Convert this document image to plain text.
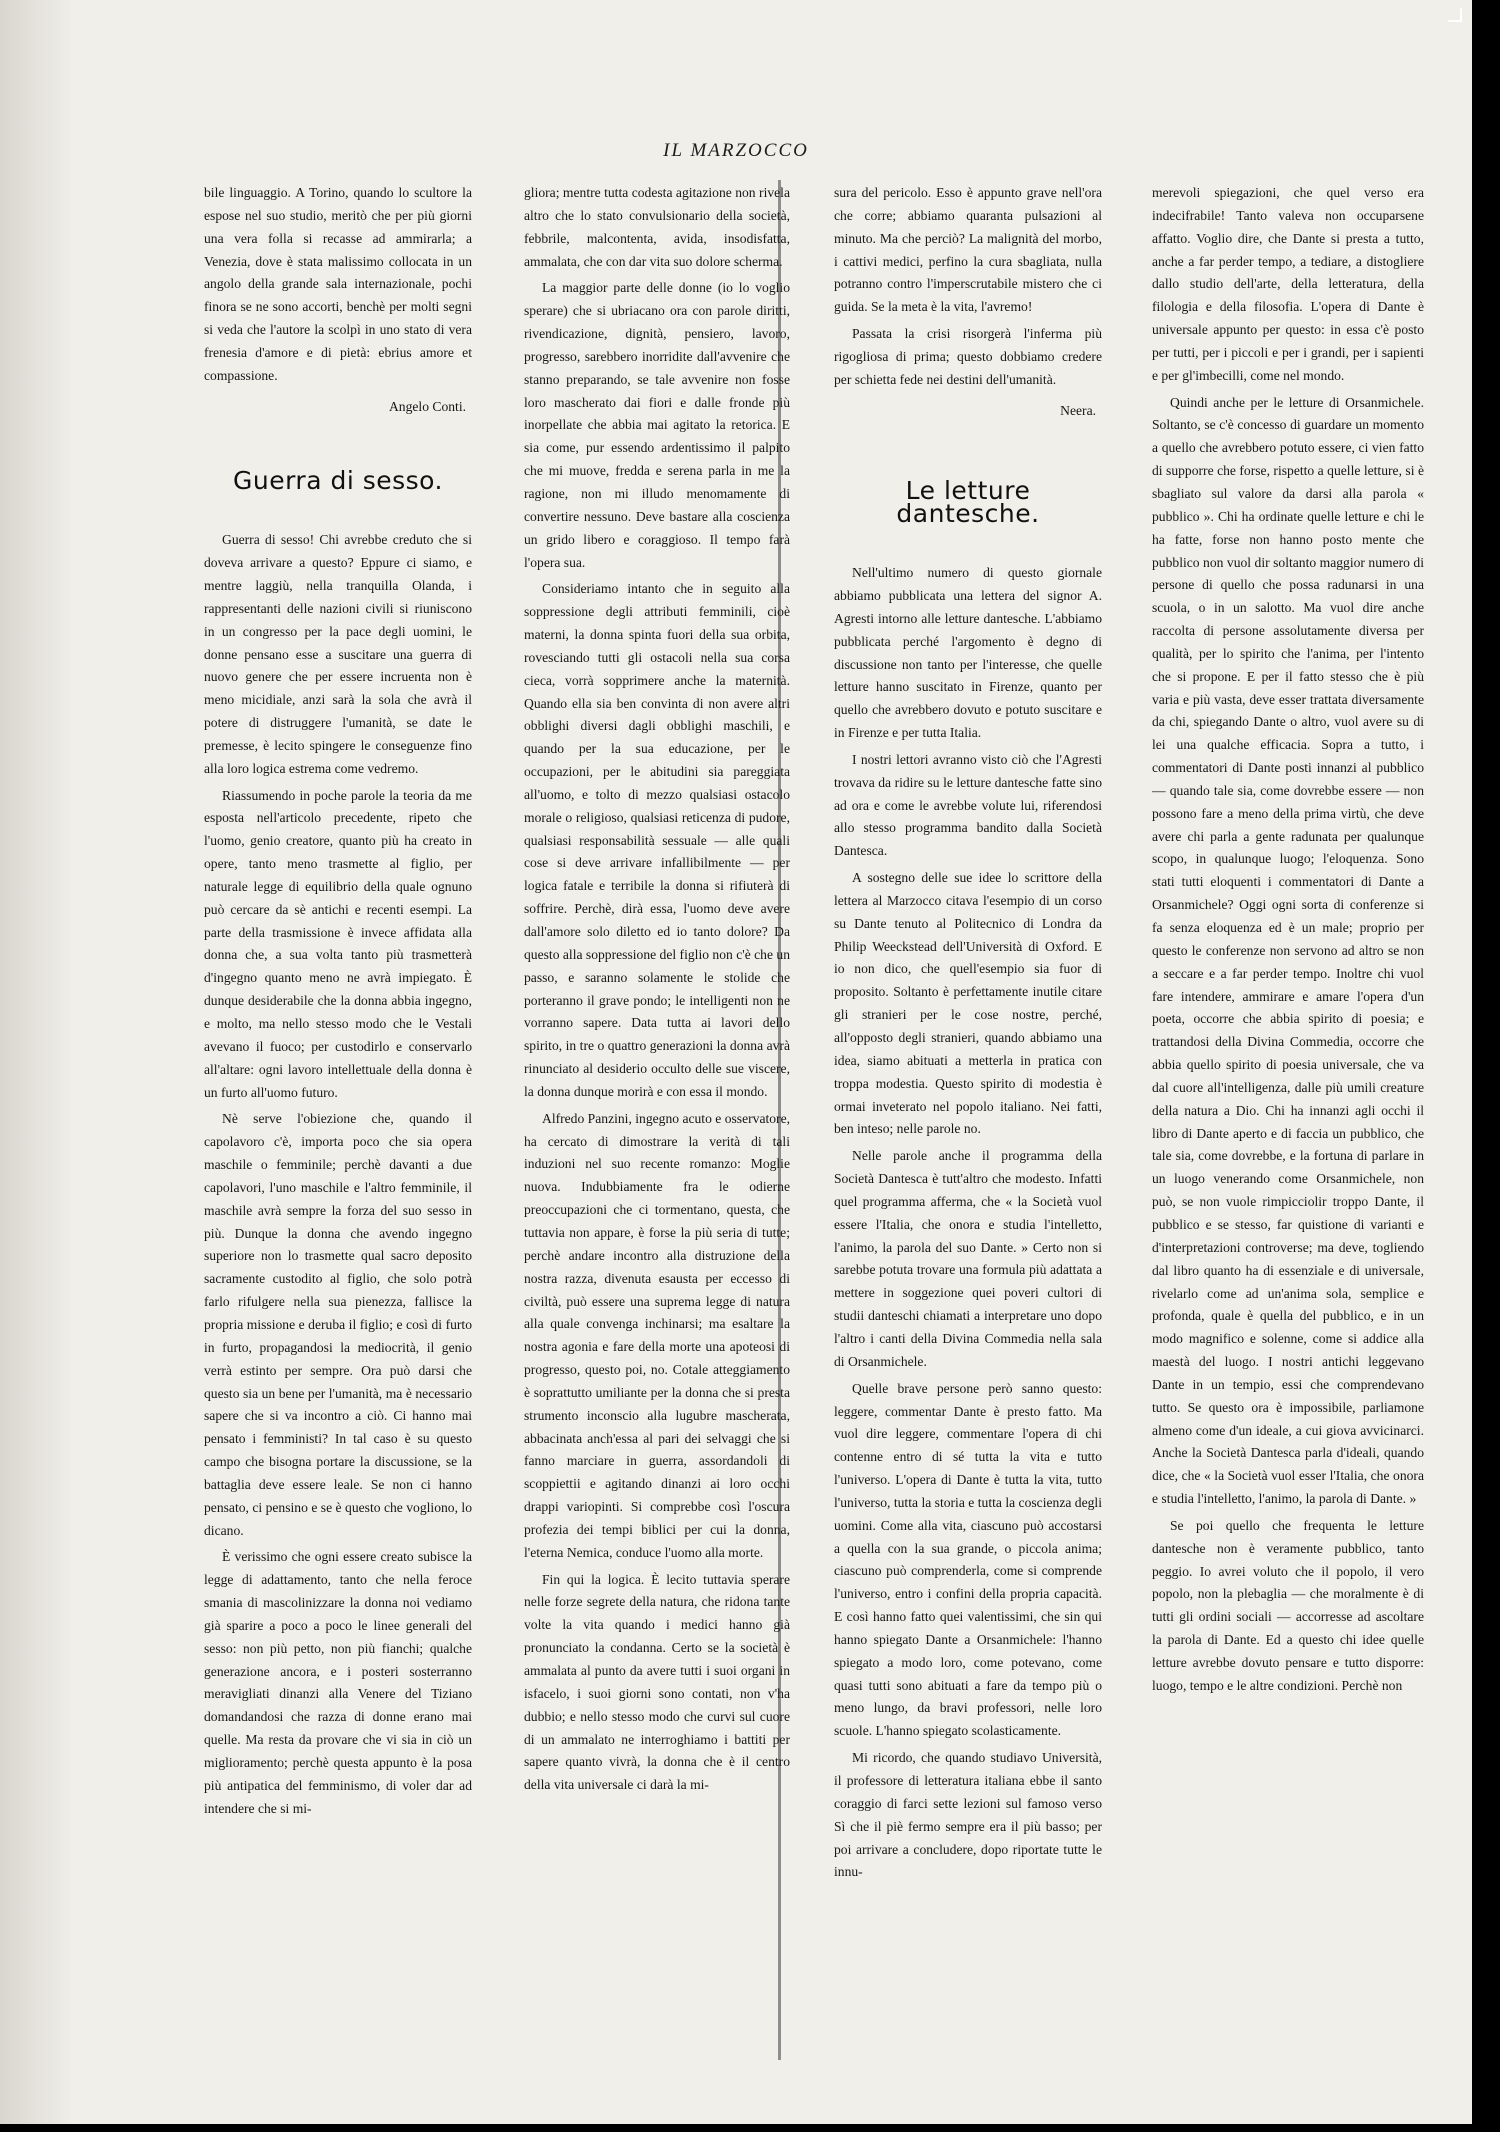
IL MARZOCCO

bile linguaggio. A Torino, quando lo scultore la espose nel suo studio, meritò che per più giorni una vera folla si recasse ad ammirarla; a Venezia, dove è stata malissimo collocata in un angolo della grande sala internazionale, pochi finora se ne sono accorti, benchè per molti segni si veda che l'autore la scolpì in uno stato di vera frenesia d'amore e di pietà: ebrius amore et compassione.

Angelo Conti.
Guerra di sesso.

Guerra di sesso! Chi avrebbe creduto che si doveva arrivare a questo? Eppure ci siamo, e mentre laggiù, nella tranquilla Olanda, i rappresentanti delle nazioni civili si riuniscono in un congresso per la pace degli uomini, le donne pensano esse a suscitare una guerra di nuovo genere che per essere incruenta non è meno micidiale, anzi sarà la sola che avrà il potere di distruggere l'umanità, se date le premesse, è lecito spingere le conseguenze fino alla loro logica estrema come vedremo.

Riassumendo in poche parole la teoria da me esposta nell'articolo precedente, ripeto che l'uomo, genio creatore, quanto più ha creato in opere, tanto meno trasmette al figlio, per naturale legge di equilibrio della quale ognuno può cercare da sè antichi e recenti esempi. La parte della trasmissione è invece affidata alla donna che, a sua volta tanto più trasmetterà d'ingegno quanto meno ne avrà impiegato. È dunque desiderabile che la donna abbia ingegno, e molto, ma nello stesso modo che le Vestali avevano il fuoco; per custodirlo e conservarlo all'altare: ogni lavoro intellettuale della donna è un furto all'uomo futuro.

Nè serve l'obiezione che, quando il capolavoro c'è, importa poco che sia opera maschile o femminile; perchè davanti a due capolavori, l'uno maschile e l'altro femminile, il maschile avrà sempre la forza del suo sesso in più. Dunque la donna che avendo ingegno superiore non lo trasmette qual sacro deposito sacramente custodito al figlio, che solo potrà farlo rifulgere nella sua pienezza, fallisce la propria missione e deruba il figlio; e così di furto in furto, propagandosi la mediocrità, il genio verrà estinto per sempre. Ora può darsi che questo sia un bene per l'umanità, ma è necessario sapere che si va incontro a ciò. Ci hanno mai pensato i femministi? In tal caso è su questo campo che bisogna portare la discussione, se la battaglia deve essere leale. Se non ci hanno pensato, ci pensino e se è questo che vogliono, lo dicano.

È verissimo che ogni essere creato subisce la legge di adattamento, tanto che nella feroce smania di mascolinizzare la donna noi vediamo già sparire a poco a poco le linee generali del sesso: non più petto, non più fianchi; qualche generazione ancora, e i posteri sosterranno meravigliati dinanzi alla Venere del Tiziano domandandosi che razza di donne erano mai quelle. Ma resta da provare che vi sia in ciò un miglioramento; perchè questa appunto è la posa più antipatica del femminismo, di voler dar ad intendere che si mi-

gliora; mentre tutta codesta agitazione non rivela altro che lo stato convulsionario della società, febbrile, malcontenta, avida, insodisfatta, ammalata, che con dar vita suo dolore scherma.

La maggior parte delle donne (io lo voglio sperare) che si ubriacano ora con parole diritti, rivendicazione, dignità, pensiero, lavoro, progresso, sarebbero inorridite dall'avvenire che stanno preparando, se tale avvenire non fosse loro mascherato dai fiori e dalle fronde più inorpellate che abbia mai agitato la retorica. E sia come, pur essendo ardentissimo il palpito che mi muove, fredda e serena parla in me la ragione, non mi illudo menomamente di convertire nessuno. Deve bastare alla coscienza un grido libero e coraggioso. Il tempo farà l'opera sua.

Consideriamo intanto che in seguito alla soppressione degli attributi femminili, cioè materni, la donna spinta fuori della sua orbita, rovesciando tutti gli ostacoli nella sua corsa cieca, vorrà sopprimere anche la maternità. Quando ella sia ben convinta di non avere altri obblighi diversi dagli obblighi maschili, e quando per la sua educazione, per le occupazioni, per le abitudini sia pareggiata all'uomo, e tolto di mezzo qualsiasi ostacolo morale o religioso, qualsiasi reticenza di pudore, qualsiasi responsabilità sessuale — alle quali cose si deve arrivare infallibilmente — per logica fatale e terribile la donna si rifiuterà di soffrire. Perchè, dirà essa, l'uomo deve avere dall'amore solo diletto ed io tanto dolore? Da questo alla soppressione del figlio non c'è che un passo, e saranno solamente le stolide che porteranno il grave pondo; le intelligenti non ne vorranno sapere. Data tutta ai lavori dello spirito, in tre o quattro generazioni la donna avrà rinunciato al desiderio occulto delle sue viscere, la donna dunque morirà e con essa il mondo.

Alfredo Panzini, ingegno acuto e osservatore, ha cercato di dimostrare la verità di tali induzioni nel suo recente romanzo: Moglie nuova. Indubbiamente fra le odierne preoccupazioni che ci tormentano, questa, che tuttavia non appare, è forse la più seria di tutte; perchè andare incontro alla distruzione della nostra razza, divenuta esausta per eccesso di civiltà, può essere una suprema legge di natura alla quale convenga inchinarsi; ma esaltare la nostra agonia e fare della morte una apoteosi di progresso, questo poi, no. Cotale atteggiamento è soprattutto umiliante per la donna che si presta strumento inconscio alla lugubre mascherata, abbacinata anch'essa al pari dei selvaggi che si fanno marciare in guerra, assordandoli di scoppiettii e agitando dinanzi ai loro occhi drappi variopinti. Si comprebbe così l'oscura profezia dei tempi biblici per cui la donna, l'eterna Nemica, conduce l'uomo alla morte.

Fin qui la logica. È lecito tuttavia sperare nelle forze segrete della natura, che ridona tante volte la vita quando i medici hanno già pronunciato la condanna. Certo se la società è ammalata al punto da avere tutti i suoi organi in isfacelo, i suoi giorni sono contati, non v'ha dubbio; e nello stesso modo che curvi sul cuore di un ammalato ne interroghiamo i battiti per sapere quanto vivrà, la donna che è il centro della vita universale ci darà la mi-

sura del pericolo. Esso è appunto grave nell'ora che corre; abbiamo quaranta pulsazioni al minuto. Ma che perciò? La malignità del morbo, i cattivi medici, perfino la cura sbagliata, nulla potranno contro l'imperscrutabile mistero che ci guida. Se la meta è la vita, l'avremo!

Passata la crisi risorgerà l'inferma più rigogliosa di prima; questo dobbiamo credere per schietta fede nei destini dell'umanità.

Neera.
Le letture dantesche.

Nell'ultimo numero di questo giornale abbiamo pubblicata una lettera del signor A. Agresti intorno alle letture dantesche. L'abbiamo pubblicata perché l'argomento è degno di discussione non tanto per l'interesse, che quelle letture hanno suscitato in Firenze, quanto per quello che avrebbero dovuto e potuto suscitare e in Firenze e per tutta Italia.

I nostri lettori avranno visto ciò che l'Agresti trovava da ridire su le letture dantesche fatte sino ad ora e come le avrebbe volute lui, riferendosi allo stesso programma bandito dalla Società Dantesca.

A sostegno delle sue idee lo scrittore della lettera al Marzocco citava l'esempio di un corso su Dante tenuto al Politecnico di Londra da Philip Weeckstead dell'Università di Oxford. E io non dico, che quell'esempio sia fuor di proposito. Soltanto è perfettamente inutile citare gli stranieri per le cose nostre, perché, all'opposto degli stranieri, quando abbiamo una idea, siamo abituati a metterla in pratica con troppa modestia. Questo spirito di modestia è ormai inveterato nel popolo italiano. Nei fatti, ben inteso; nelle parole no.

Nelle parole anche il programma della Società Dantesca è tutt'altro che modesto. Infatti quel programma afferma, che « la Società vuol essere l'Italia, che onora e studia l'intelletto, l'animo, la parola del suo Dante. » Certo non si sarebbe potuta trovare una formula più adattata a mettere in soggezione quei poveri cultori di studii danteschi chiamati a interpretare uno dopo l'altro i canti della Divina Commedia nella sala di Orsanmichele.

Quelle brave persone però sanno questo: leggere, commentar Dante è presto fatto. Ma vuol dire leggere, commentare l'opera di chi contenne entro di sé tutta la vita e tutto l'universo. L'opera di Dante è tutta la vita, tutto l'universo, tutta la storia e tutta la coscienza degli uomini. Come alla vita, ciascuno può accostarsi a quella con la sua grande, o piccola anima; ciascuno può comprenderla, come si comprende l'universo, entro i confini della propria capacità. E così hanno fatto quei valentissimi, che sin qui hanno spiegato Dante a Orsanmichele: l'hanno spiegato a modo loro, come potevano, come quasi tutti sono abituati a fare da tempo più o meno lungo, da bravi professori, nelle loro scuole. L'hanno spiegato scolasticamente.

Mi ricordo, che quando studiavo Università, il professore di letteratura italiana ebbe il santo coraggio di farci sette lezioni sul famoso verso Sì che il piè fermo sempre era il più basso; per poi arrivare a concludere, dopo riportate tutte le innu-

merevoli spiegazioni, che quel verso era indecifrabile! Tanto valeva non occuparsene affatto. Voglio dire, che Dante si presta a tutto, anche a far perder tempo, a tediare, a distogliere dallo studio dell'arte, della letteratura, della filologia e della filosofia. L'opera di Dante è universale appunto per questo: in essa c'è posto per tutti, per i piccoli e per i grandi, per i sapienti e per gl'imbecilli, come nel mondo.

Quindi anche per le letture di Orsanmichele. Soltanto, se c'è concesso di guardare un momento a quello che avrebbero potuto essere, ci vien fatto di supporre che forse, rispetto a quelle letture, si è sbagliato sul valore da darsi alla parola « pubblico ». Chi ha ordinate quelle letture e chi le ha fatte, forse non hanno posto mente che pubblico non vuol dir soltanto maggior numero di persone di quello che possa radunarsi in una scuola, o in un salotto. Ma vuol dire anche raccolta di persone assolutamente diversa per qualità, per lo spirito che l'anima, per l'intento che si propone. E per il fatto stesso che è più varia e più vasta, deve esser trattata diversamente da chi, spiegando Dante o altro, vuol avere su di lei una qualche efficacia. Sopra a tutto, i commentatori di Dante posti innanzi al pubblico — quando tale sia, come dovrebbe essere — non possono fare a meno della prima virtù, che deve avere chi parla a gente radunata per qualunque scopo, in qualunque luogo; l'eloquenza. Sono stati tutti eloquenti i commentatori di Dante a Orsanmichele? Oggi ogni sorta di conferenze si fa senza eloquenza ed è un male; proprio per questo le conferenze non servono ad altro se non a seccare e a far perder tempo. Inoltre chi vuol fare intendere, ammirare e amare l'opera d'un poeta, occorre che abbia spirito di poesia; e trattandosi della Divina Commedia, occorre che abbia quello spirito di poesia universale, che va dal cuore all'intelligenza, dalle più umili creature della natura a Dio. Chi ha innanzi agli occhi il libro di Dante aperto e di faccia un pubblico, che tale sia, come dovrebbe, e la fortuna di parlare in un luogo venerando come Orsanmichele, non può, se non vuole rimpicciolir troppo Dante, il pubblico e se stesso, far quistione di varianti e d'interpretazioni controverse; ma deve, togliendo dal libro quanto ha di essenziale e di universale, rivelarlo come ad un'anima sola, semplice e profonda, quale è quella del pubblico, e in un modo magnifico e solenne, come si addice alla maestà del luogo. I nostri antichi leggevano Dante in un tempio, essi che comprendevano tutto. Se questo ora è impossibile, parliamone almeno come d'un ideale, a cui giova avvicinarci. Anche la Società Dantesca parla d'ideali, quando dice, che « la Società vuol esser l'Italia, che onora e studia l'intelletto, l'animo, la parola di Dante. »

Se poi quello che frequenta le letture dantesche non è veramente pubblico, tanto peggio. Io avrei voluto che il popolo, il vero popolo, non la plebaglia — che moralmente è di tutti gli ordini sociali — accorresse ad ascoltare la parola di Dante. Ed a questo chi idee quelle letture avrebbe dovuto pensare e tutto disporre: luogo, tempo e le altre condizioni. Perchè non
